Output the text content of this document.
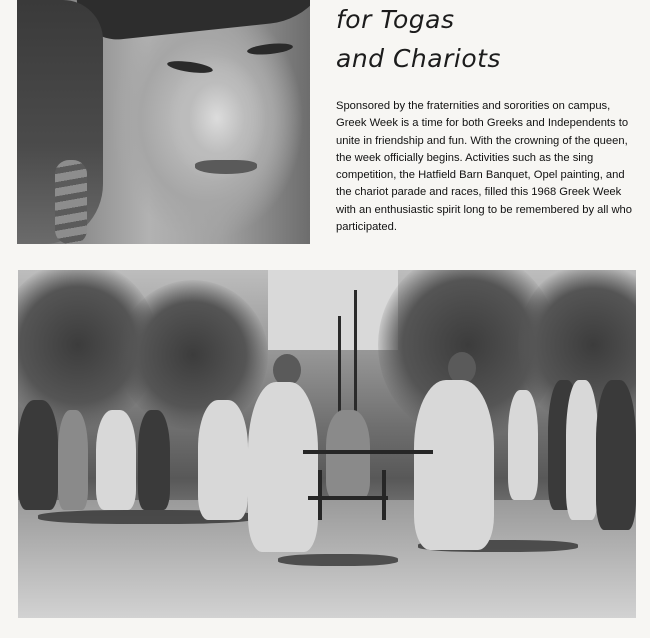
for Togas
and Chariots

Sponsored by the fraternities and sororities on campus, Greek Week is a time for both Greeks and Independents to unite in friendship and fun. With the crowning of the queen, the week officially begins. Activities such as the sing competition, the Hatfield Barn Banquet, Opel painting, and the chariot parade and races, filled this 1968 Greek Week with an enthusiastic spirit long to be remembered by all who participated.
